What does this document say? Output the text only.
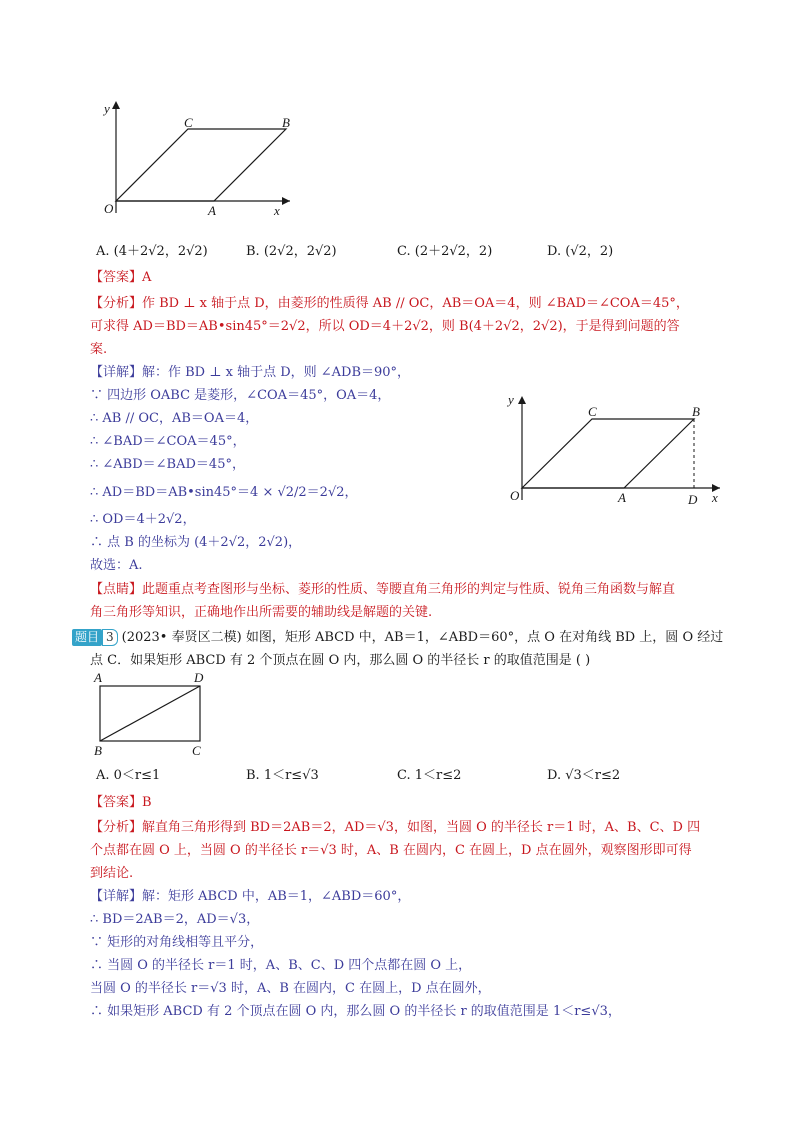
y
x
O	A
B
C
A. (4＋2√2，2√2)	B. (2√2，2√2)	C. (2＋2√2，2)	D. (√2，2)
【答案】A
【分析】作 BD ⊥ x 轴于点 D，由菱形的性质得 AB // OC，AB＝OA＝4，则 ∠BAD＝∠COA＝45°，
可求得 AD＝BD＝AB•sin45°＝2√2，所以 OD＝4＋2√2，则 B(4＋2√2，2√2)，于是得到问题的答
案.
【详解】解：作 BD ⊥ x 轴于点 D，则 ∠ADB＝90°，
∵ 四边形 OABC 是菱形，∠COA＝45°，OA＝4，
∴ AB // OC，AB＝OA＝4，
∴ ∠BAD＝∠COA＝45°，
∴ ∠ABD＝∠BAD＝45°，
∴ AD＝BD＝AB•sin45°＝4 × √2/2＝2√2，
∴ OD＝4＋2√2，
∴ 点 B 的坐标为 (4＋2√2，2√2)，
故选：A.
y
x
O	A	D
B
C
【点睛】此题重点考查图形与坐标、菱形的性质、等腰直角三角形的判定与性质、锐角三角函数与解直
角三角形等知识，正确地作出所需要的辅助线是解题的关键.
题目 3 (2023• 奉贤区二模) 如图，矩形 ABCD 中，AB＝1，∠ABD＝60°，点 O 在对角线 BD 上，圆 O 经过
点 C．如果矩形 ABCD 有 2 个顶点在圆 O 内，那么圆 O 的半径长 r 的取值范围是 ( )
A	D
B	C
A. 0＜r≤1	B. 1＜r≤√3	C. 1＜r≤2	D. √3＜r≤2
【答案】B
【分析】解直角三角形得到 BD＝2AB＝2，AD＝√3，如图，当圆 O 的半径长 r＝1 时，A、B、C、D 四
个点都在圆 O 上，当圆 O 的半径长 r＝√3 时，A、B 在圆内，C 在圆上，D 点在圆外，观察图形即可得
到结论.
【详解】解：矩形 ABCD 中，AB＝1，∠ABD＝60°，
∴ BD＝2AB＝2，AD＝√3，
∵ 矩形的对角线相等且平分，
∴ 当圆 O 的半径长 r＝1 时，A、B、C、D 四个点都在圆 O 上，
当圆 O 的半径长 r＝√3 时，A、B 在圆内，C 在圆上，D 点在圆外，
∴ 如果矩形 ABCD 有 2 个顶点在圆 O 内，那么圆 O 的半径长 r 的取值范围是 1＜r≤√3，
